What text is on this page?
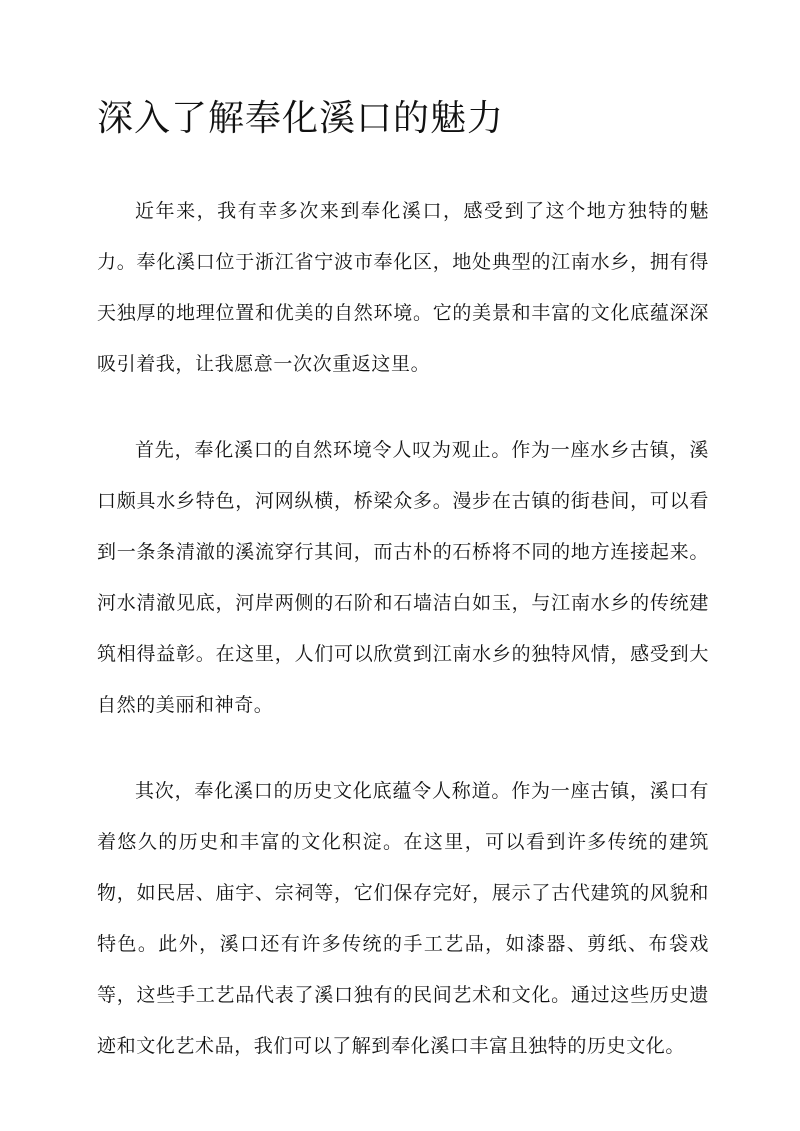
深入了解奉化溪口的魅力

近年来，我有幸多次来到奉化溪口，感受到了这个地方独特的魅力。奉化溪口位于浙江省宁波市奉化区，地处典型的江南水乡，拥有得天独厚的地理位置和优美的自然环境。它的美景和丰富的文化底蕴深深吸引着我，让我愿意一次次重返这里。

首先，奉化溪口的自然环境令人叹为观止。作为一座水乡古镇，溪口颇具水乡特色，河网纵横，桥梁众多。漫步在古镇的街巷间，可以看到一条条清澈的溪流穿行其间，而古朴的石桥将不同的地方连接起来。河水清澈见底，河岸两侧的石阶和石墙洁白如玉，与江南水乡的传统建筑相得益彰。在这里，人们可以欣赏到江南水乡的独特风情，感受到大自然的美丽和神奇。

其次，奉化溪口的历史文化底蕴令人称道。作为一座古镇，溪口有着悠久的历史和丰富的文化积淀。在这里，可以看到许多传统的建筑物，如民居、庙宇、宗祠等，它们保存完好，展示了古代建筑的风貌和特色。此外，溪口还有许多传统的手工艺品，如漆器、剪纸、布袋戏等，这些手工艺品代表了溪口独有的民间艺术和文化。通过这些历史遗迹和文化艺术品，我们可以了解到奉化溪口丰富且独特的历史文化。
